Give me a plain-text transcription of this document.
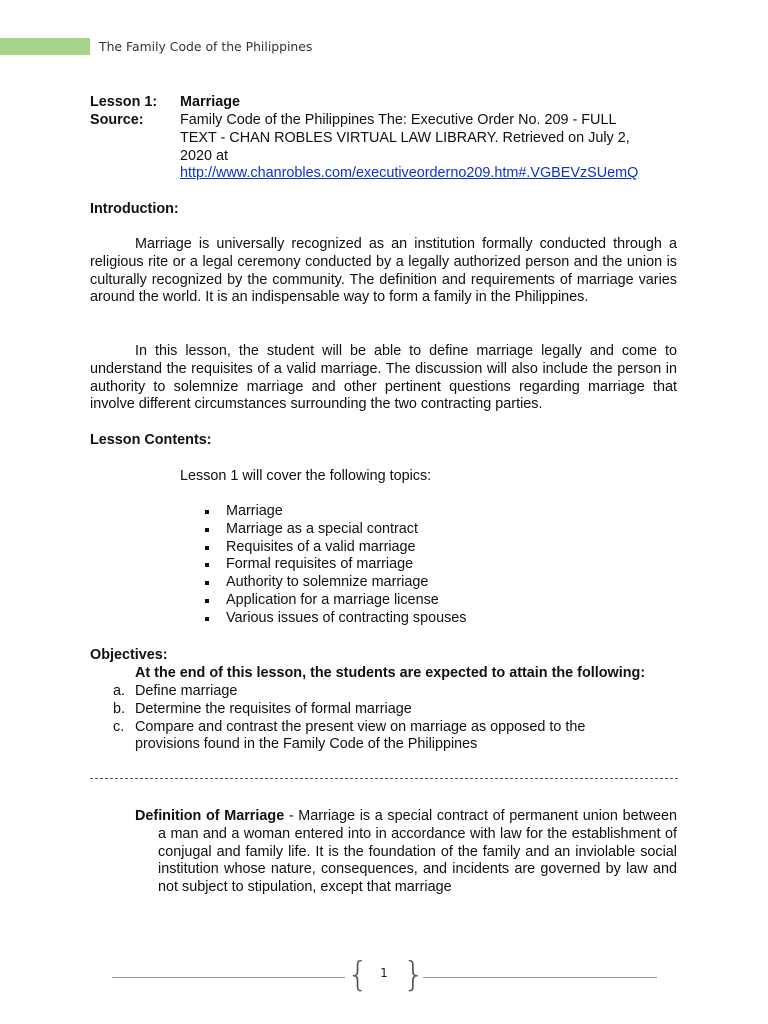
The Family Code of the Philippines
Lesson 1: Marriage
Source:	Family Code of the Philippines The: Executive Order No. 209 - FULL
TEXT - CHAN ROBLES VIRTUAL LAW LIBRARY. Retrieved on July 2,
2020 at
http://www.chanrobles.com/executiveorderno209.htm#.VGBEVzSUemQ
Introduction:
Marriage is universally recognized as an institution formally conducted through a religious rite or a legal ceremony conducted by a legally authorized person and the union is culturally recognized by the community. The definition and requirements of marriage varies around the world. It is an indispensable way to form a family in the Philippines.
In this lesson, the student will be able to define marriage legally and come to understand the requisites of a valid marriage. The discussion will also include the person in authority to solemnize marriage and other pertinent questions regarding marriage that involve different circumstances surrounding the two contracting parties.
Lesson Contents:
Lesson 1 will cover the following topics:
Marriage
Marriage as a special contract
Requisites of a valid marriage
Formal requisites of marriage
Authority to solemnize marriage
Application for a marriage license
Various issues of contracting spouses
Objectives:
At the end of this lesson, the students are expected to attain the following:
a. Define marriage
b. Determine the requisites of formal marriage
c. Compare and contrast the present view on marriage as opposed to the
provisions found in the Family Code of the Philippines
Definition of Marriage - Marriage is a special contract of permanent union between a man and a woman entered into in accordance with law for the establishment of conjugal and family life. It is the foundation of the family and an inviolable social institution whose nature, consequences, and incidents are governed by law and not subject to stipulation, except that marriage
{ }
1
